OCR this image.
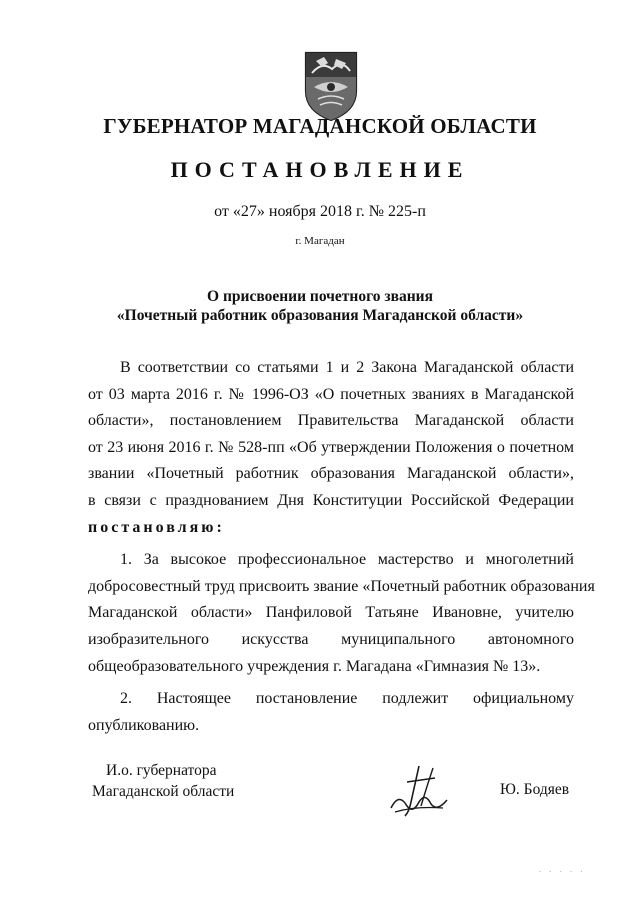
ГУБЕРНАТОР МАГАДАНСКОЙ ОБЛАСТИ
ПОСТАНОВЛЕНИЕ
от «27» ноября 2018 г. № 225-п
г. Магадан
О присвоении почетного звания
«Почетный работник образования Магаданской области»
В соответствии со статьями 1 и 2 Закона Магаданской области
от 03 марта 2016 г. № 1996-ОЗ «О почетных званиях в Магаданской
области», постановлением Правительства Магаданской области
от 23 июня 2016 г. № 528-пп «Об утверждении Положения о почетном
звании «Почетный работник образования Магаданской области»,
в связи с празднованием Дня Конституции Российской Федерации
постановляю:
1. За высокое профессиональное мастерство и многолетний
добросовестный труд присвоить звание «Почетный работник образования
Магаданской области» Панфиловой Татьяне Ивановне, учителю
изобразительного искусства муниципального автономного
общеобразовательного учреждения г. Магадана «Гимназия № 13».
2. Настоящее постановление подлежит официальному
опубликованию.
И.о. губернатора
Магаданской области	Ю. Бодяев
· · · · ·
